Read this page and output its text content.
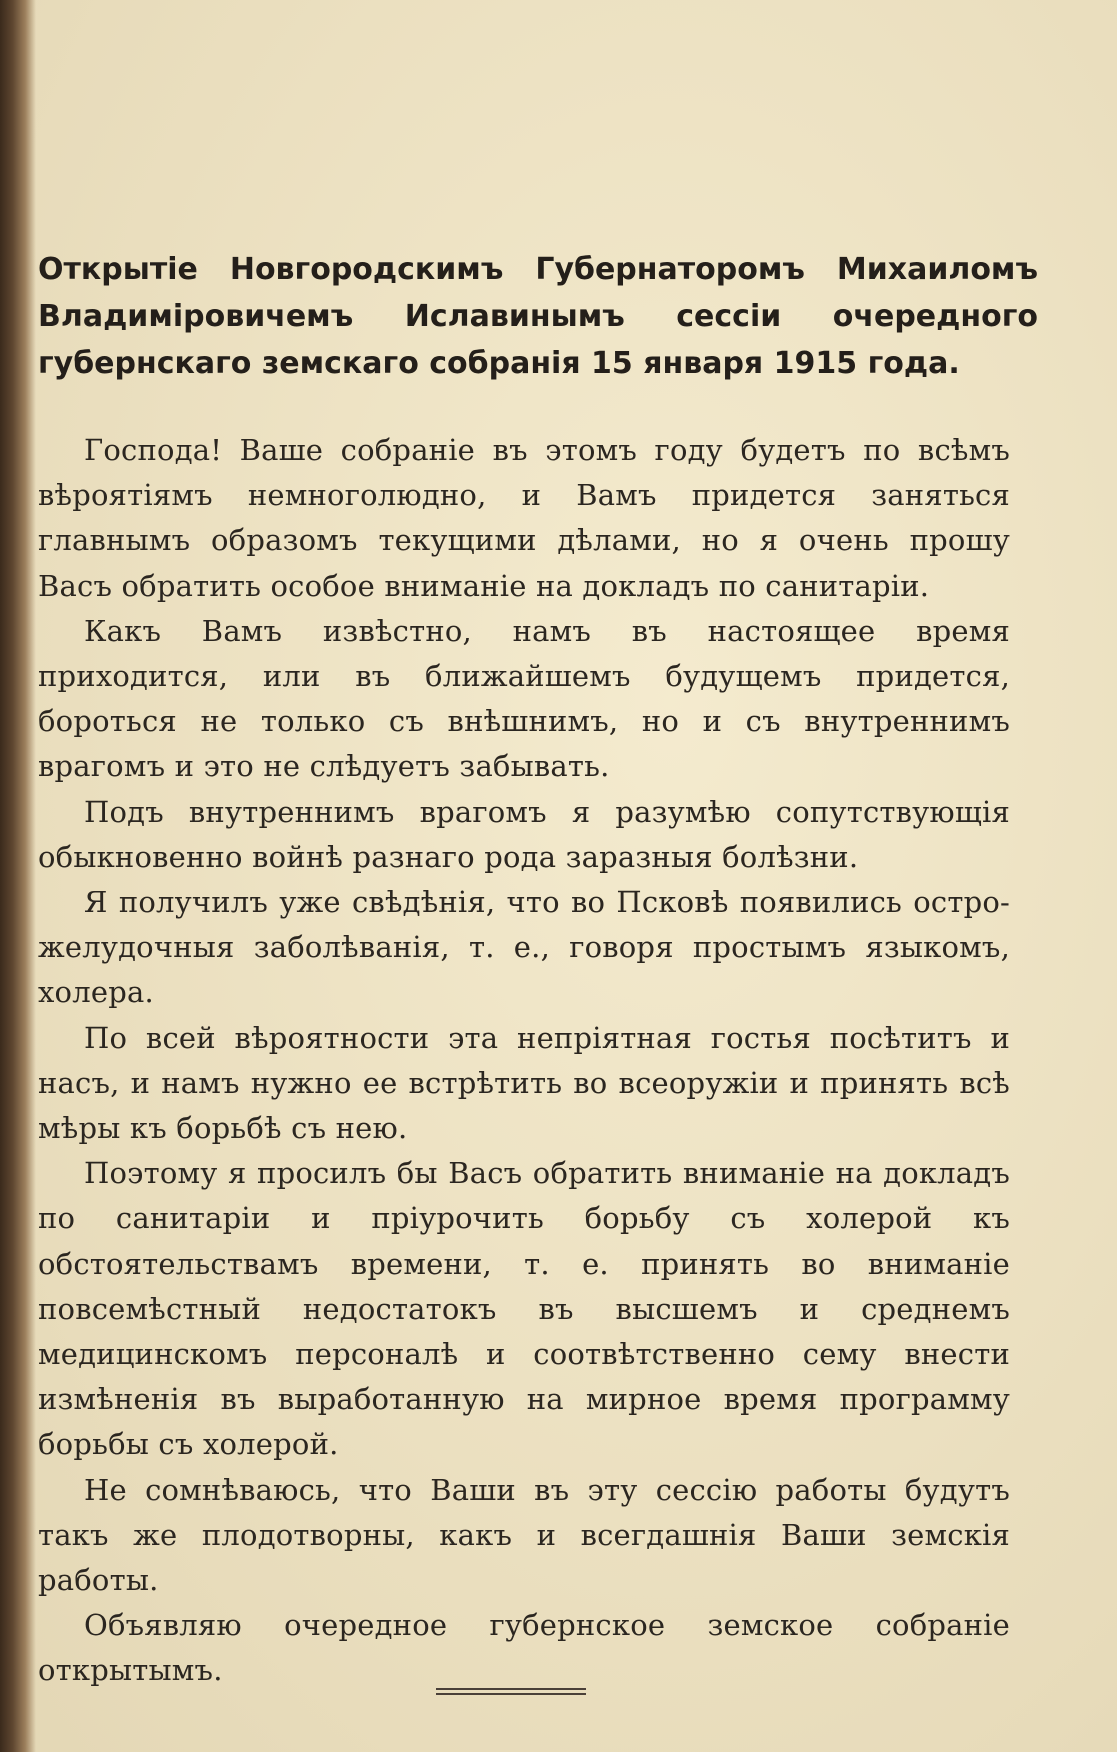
Открытіе Новгородскимъ Губернаторомъ Михаиломъ Владиміровичемъ Иславинымъ сессіи очередного губернскаго земскаго собранія 15 января 1915 года.

Господа! Ваше собраніе въ этомъ году будетъ по всѣмъ вѣроятіямъ немноголюдно, и Вамъ придется заняться главнымъ образомъ текущими дѣлами, но я очень прошу Васъ обратить особое вниманіе на докладъ по санитаріи.

Какъ Вамъ извѣстно, намъ въ настоящее время приходится, или въ ближайшемъ будущемъ придется, бороться не только съ внѣшнимъ, но и съ внутреннимъ врагомъ и это не слѣдуетъ забывать.

Подъ внутреннимъ врагомъ я разумѣю сопутствующія обыкновенно войнѣ разнаго рода заразныя болѣзни.

Я получилъ уже свѣдѣнія, что во Псковѣ появились остро-желудочныя заболѣванія, т. е., говоря простымъ языкомъ, холера.

По всей вѣроятности эта непріятная гостья посѣтитъ и насъ, и намъ нужно ее встрѣтить во всеоружіи и принять всѣ мѣры къ борьбѣ съ нею.

Поэтому я просилъ бы Васъ обратить вниманіе на докладъ по санитаріи и пріурочить борьбу съ холерой къ обстоятельствамъ времени, т. е. принять во вниманіе повсемѣстный недостатокъ въ высшемъ и среднемъ медицинскомъ персоналѣ и соотвѣтственно сему внести измѣненія въ выработанную на мирное время программу борьбы съ холерой.

Не сомнѣваюсь, что Ваши въ эту сессію работы будутъ такъ же плодотворны, какъ и всегдашнія Ваши земскія работы.

Объявляю очередное губернское земское собраніе открытымъ.
